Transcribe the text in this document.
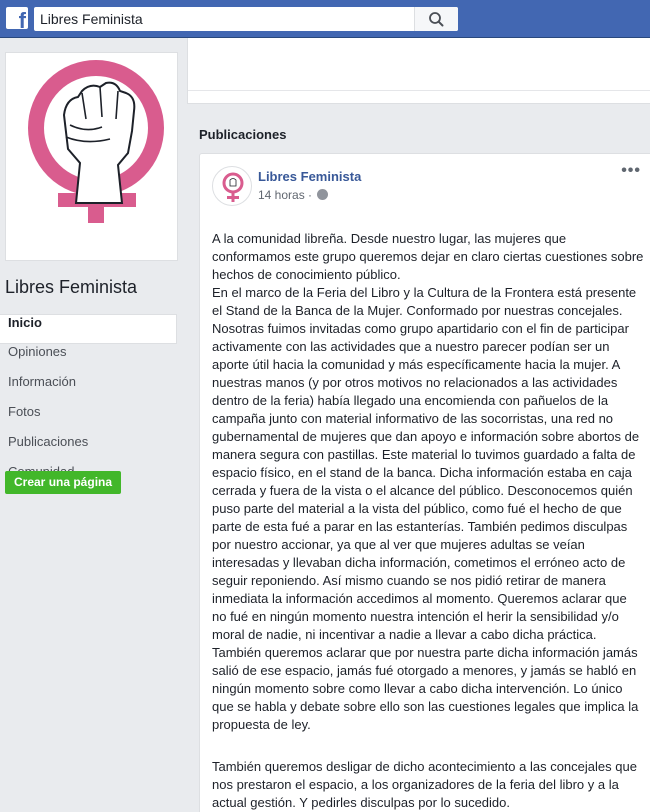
f
Libres Feminista
Libres Feminista
Inicio
Opiniones
Información
Fotos
Publicaciones
Crear una página
Publicaciones
Libres Feminista
14 horas ·
•••

A la comunidad libreña. Desde nuestro lugar, las mujeres que conformamos este grupo queremos dejar en claro ciertas cuestiones sobre hechos de conocimiento público.
En el marco de la Feria del Libro y la Cultura de la Frontera está presente el Stand de la Banca de la Mujer. Conformado por nuestras concejales. Nosotras fuimos invitadas como grupo apartidario con el fin de participar activamente con las actividades que a nuestro parecer podían ser un aporte útil hacia la comunidad y más específicamente hacia la mujer. A nuestras manos (y por otros motivos no relacionados a las actividades dentro de la feria) había llegado una encomienda con pañuelos de la campaña junto con material informativo de las socorristas, una red no gubernamental de mujeres que dan apoyo e información sobre abortos de manera segura con pastillas. Este material lo tuvimos guardado a falta de espacio físico, en el stand de la banca. Dicha información estaba en caja cerrada y fuera de la vista o el alcance del público. Desconocemos quién puso parte del material a la vista del público, como fué el hecho de que parte de esta fué a parar en las estanterías. También pedimos disculpas por nuestro accionar, ya que al ver que mujeres adultas se veían interesadas y llevaban dicha información, cometimos el erróneo acto de seguir reponiendo. Así mismo cuando se nos pidió retirar de manera inmediata la información accedimos al momento. Queremos aclarar que no fué en ningún momento nuestra intención el herir la sensibilidad y/o moral de nadie, ni incentivar a nadie a llevar a cabo dicha práctica. También queremos aclarar que por nuestra parte dicha información jamás salió de ese espacio, jamás fué otorgado a menores, y jamás se habló en ningún momento sobre como llevar a cabo dicha intervención. Lo único que se habla y debate sobre ello son las cuestiones legales que implica la propuesta de ley.

También queremos desligar de dicho acontecimiento a las concejales que nos prestaron el espacio, a los organizadores de la feria del libro y a la actual gestión. Y pedirles disculpas por lo sucedido.
